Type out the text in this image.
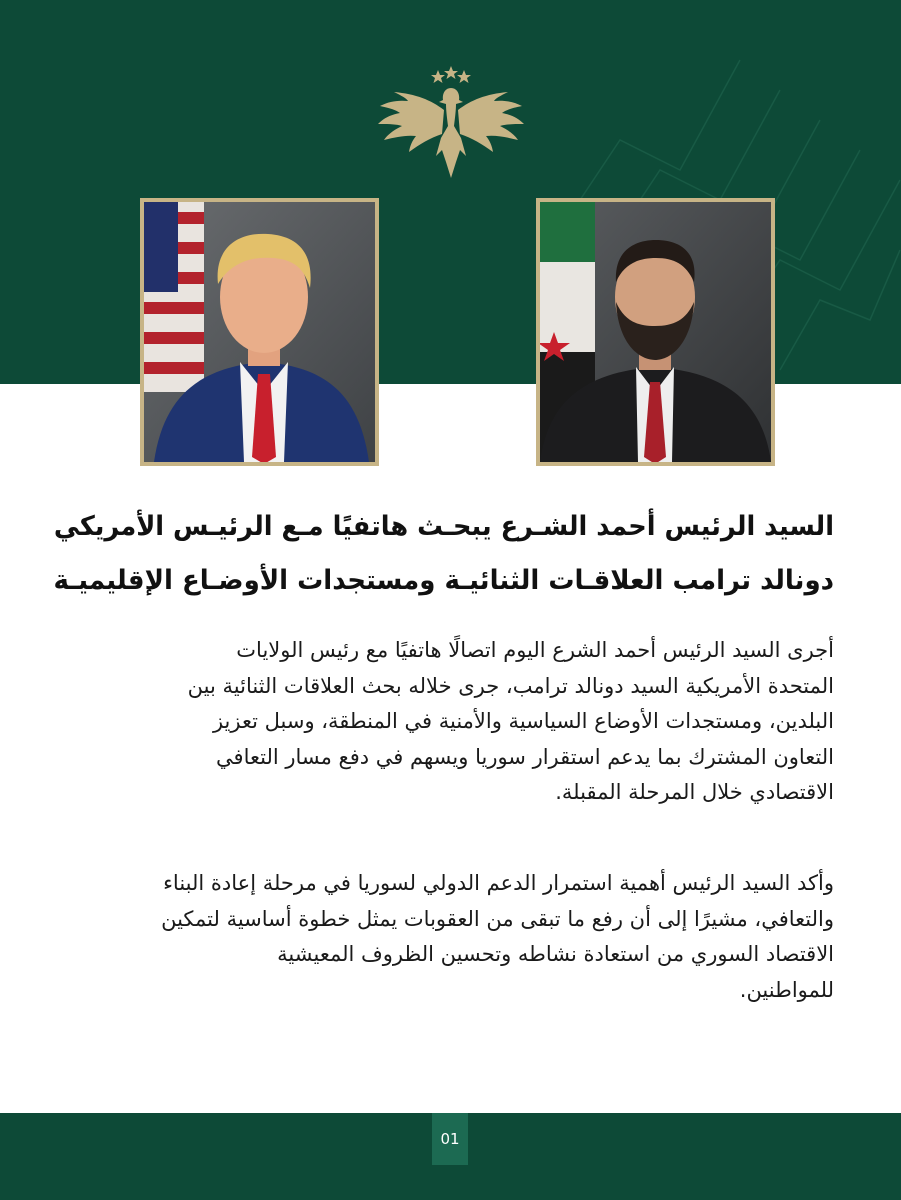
السيد الرئيس أحمد الشـرع يبحـث هاتفيًا مـع الرئيـس الأمريكي
دونالد ترامب العلاقـات الثنائيـة ومستجدات الأوضـاع الإقليميـة
أجرى السيد الرئيس أحمد الشرع اليوم اتصالًا هاتفيًا مع رئيس الولايات
المتحدة الأمريكية السيد دونالد ترامب، جرى خلاله بحث العلاقات الثنائية بين
البلدين، ومستجدات الأوضاع السياسية والأمنية في المنطقة، وسبل تعزيز
التعاون المشترك بما يدعم استقرار سوريا ويسهم في دفع مسار التعافي
الاقتصادي خلال المرحلة المقبلة.
وأكد السيد الرئيس أهمية استمرار الدعم الدولي لسوريا في مرحلة إعادة البناء
والتعافي، مشيرًا إلى أن رفع ما تبقى من العقوبات يمثل خطوة أساسية لتمكين
الاقتصاد السوري من استعادة نشاطه وتحسين الظروف المعيشية
للمواطنين.
01
